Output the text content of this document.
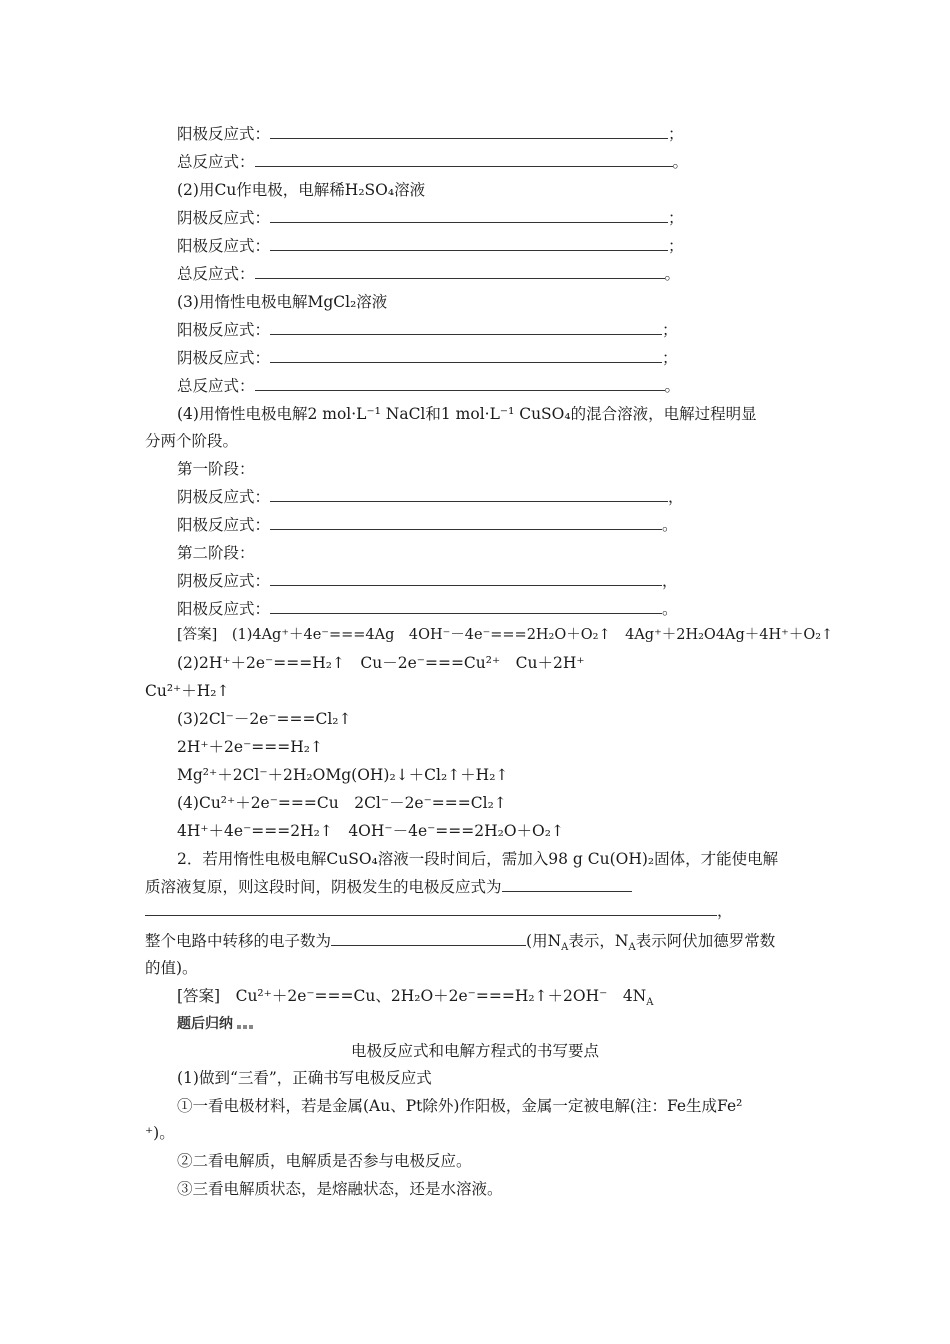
阳极反应式：	；
总反应式：	。
(2)用Cu作电极，电解稀H₂SO₄溶液
阴极反应式：	；
阳极反应式：	；
总反应式：	。
(3)用惰性电极电解MgCl₂溶液
阳极反应式：	；
阴极反应式：	；
总反应式：	。
(4)用惰性电极电解2 mol·L⁻¹ NaCl和1 mol·L⁻¹ CuSO₄的混合溶液，电解过程明显
分两个阶段。
第一阶段：
阴极反应式：	，
阳极反应式：	。
第二阶段：
阴极反应式：	，
阳极反应式：	。
[答案]　(1)4Ag⁺＋4e⁻===4Ag　4OH⁻－4e⁻===2H₂O＋O₂↑　4Ag⁺＋2H₂O4Ag＋4H⁺＋O₂↑
(2)2H⁺＋2e⁻===H₂↑　Cu－2e⁻===Cu²⁺　Cu＋2H⁺
Cu²⁺＋H₂↑
(3)2Cl⁻－2e⁻===Cl₂↑
2H⁺＋2e⁻===H₂↑
Mg²⁺＋2Cl⁻＋2H₂OMg(OH)₂↓＋Cl₂↑＋H₂↑
(4)Cu²⁺＋2e⁻===Cu　2Cl⁻－2e⁻===Cl₂↑
4H⁺＋4e⁻===2H₂↑　4OH⁻－4e⁻===2H₂O＋O₂↑
2．若用惰性电极电解CuSO₄溶液一段时间后，需加入98 g Cu(OH)₂固体，才能使电解
质溶液复原，则这段时间，阴极发生的电极反应式为
，
整个电路中转移的电子数为	(用$N_A$表示，$N_A$表示阿伏加德罗常数
的值)。
[答案]　Cu²⁺＋2e⁻===Cu、2H₂O＋2e⁻===H₂↑＋2OH⁻　$4N_A$
题后归纳
电极反应式和电解方程式的书写要点
(1)做到“三看”，正确书写电极反应式
①一看电极材料，若是金属(Au、Pt除外)作阳极，金属一定被电解(注：Fe生成Fe²
⁺)。
②二看电解质，电解质是否参与电极反应。
③三看电解质状态，是熔融状态，还是水溶液。
